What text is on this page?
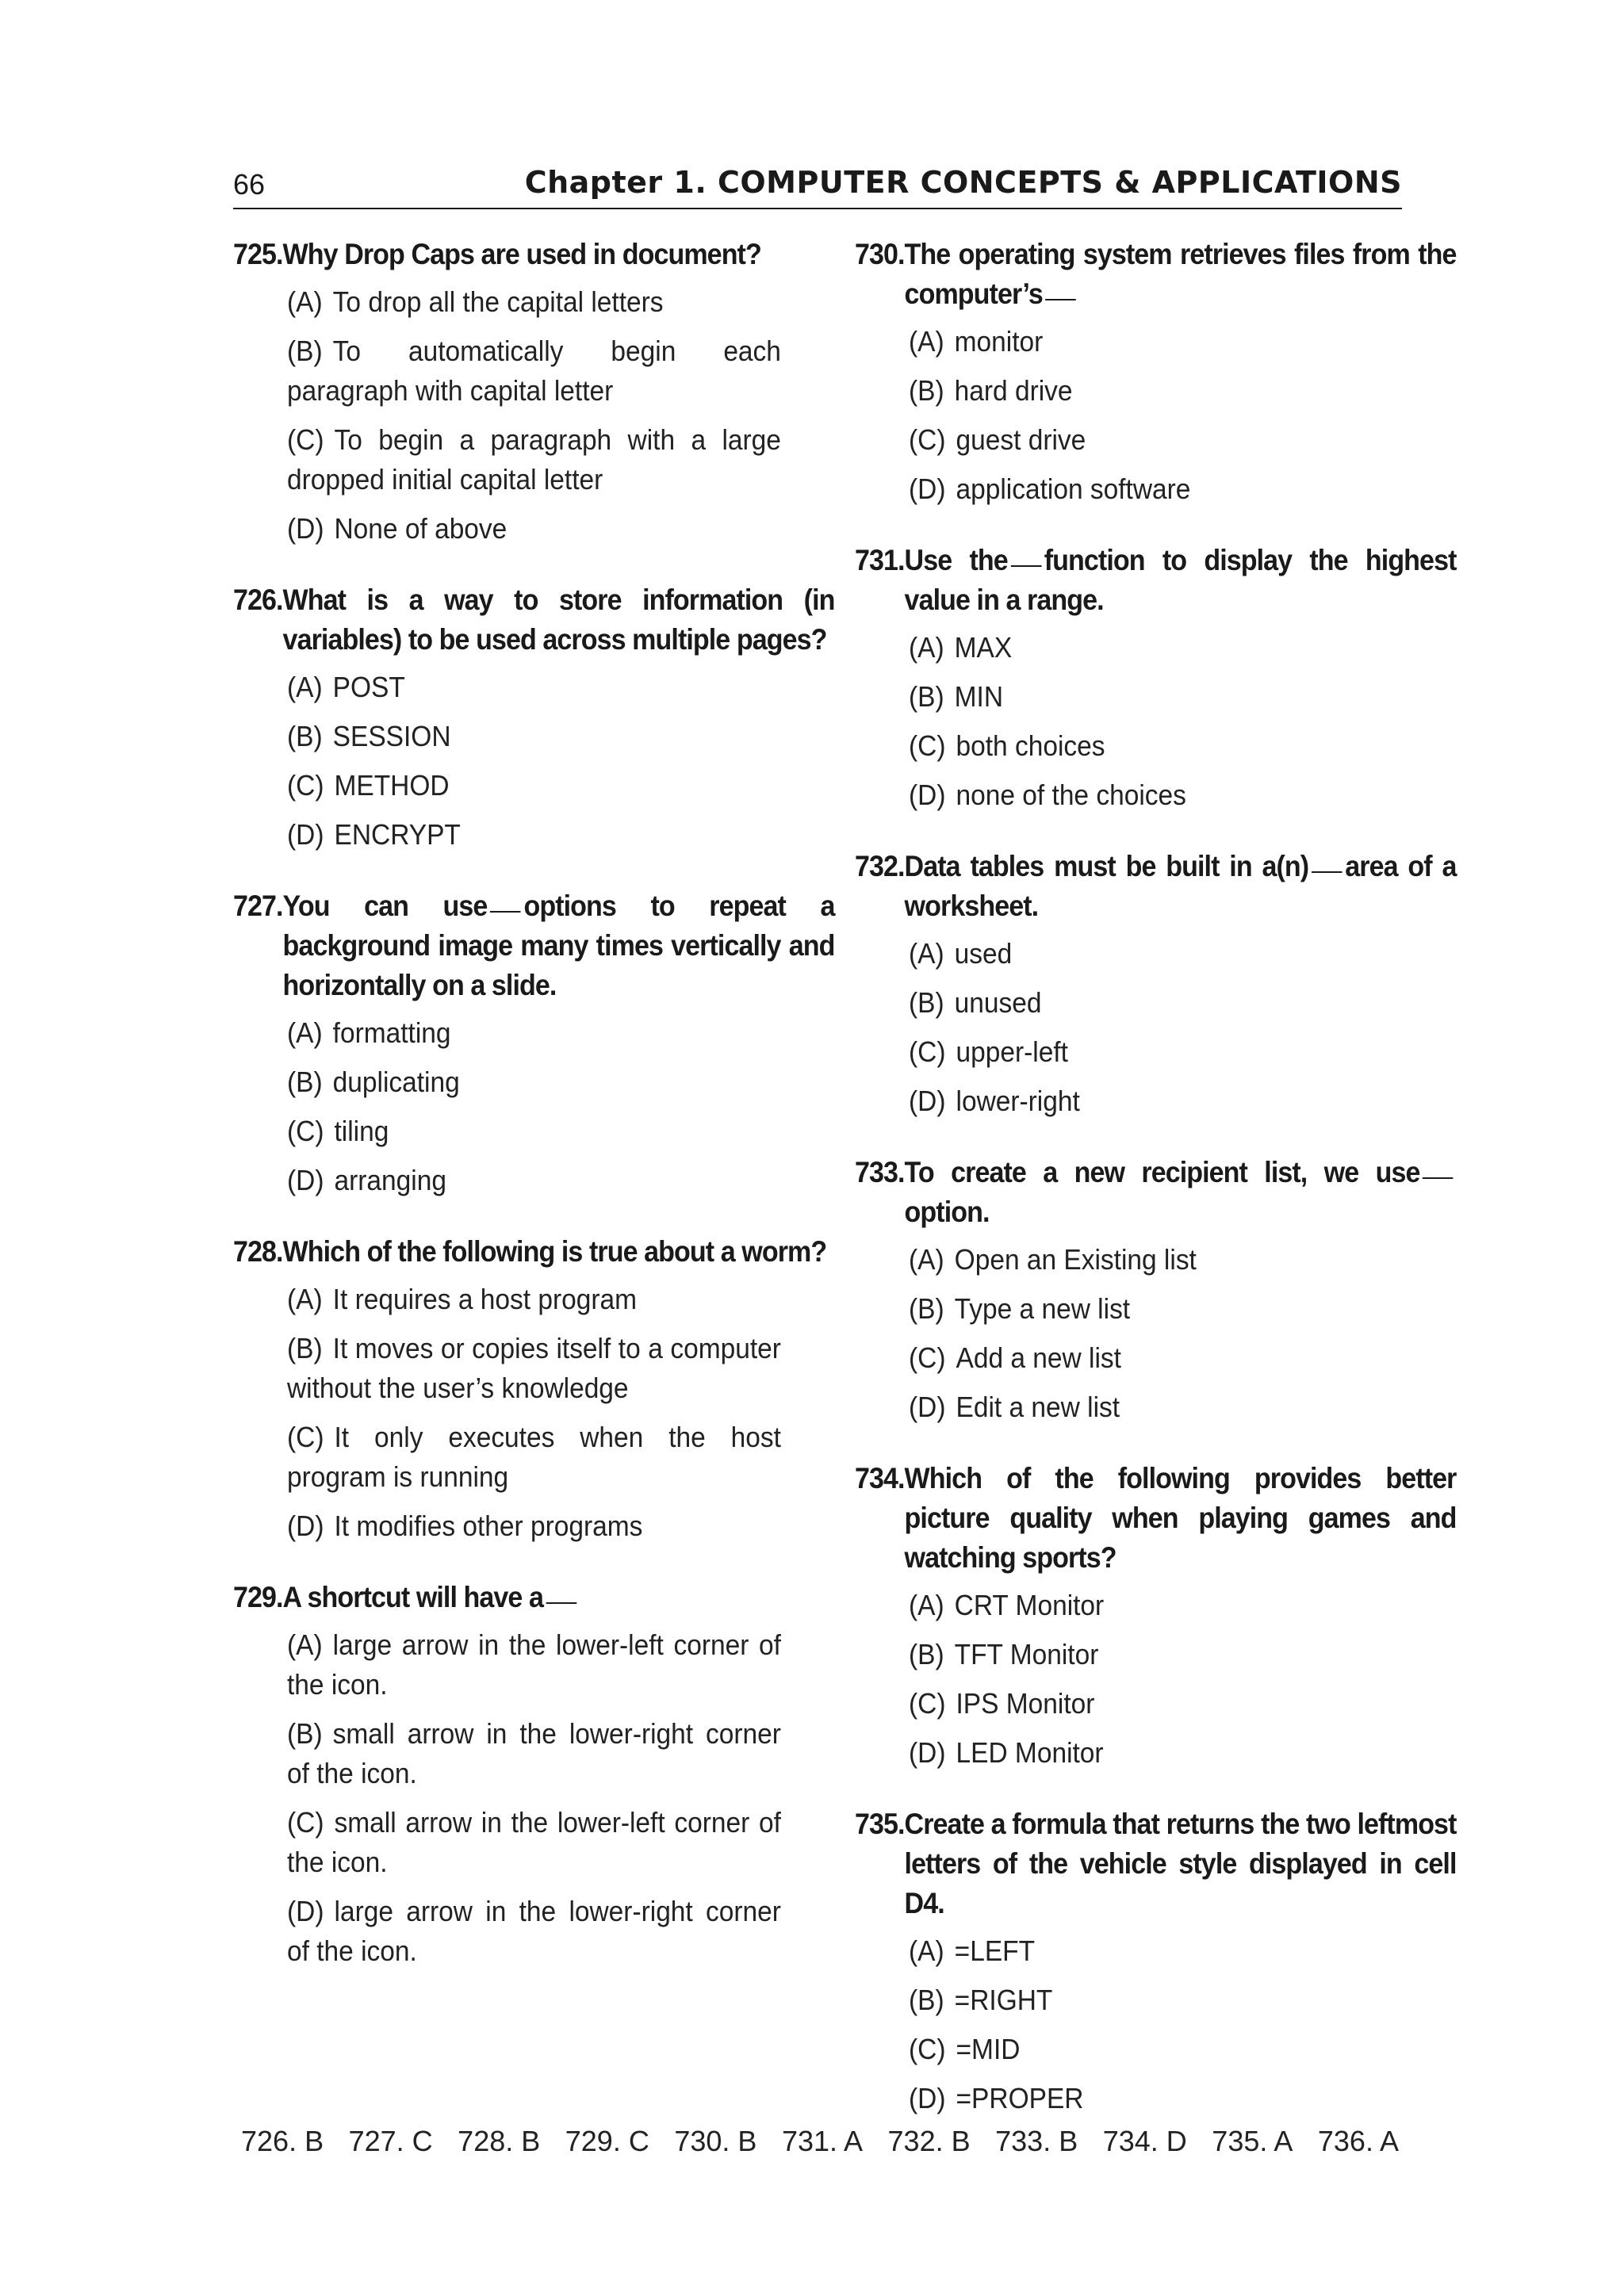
66	Chapter 1. COMPUTER CONCEPTS & APPLICATIONS
725.Why Drop Caps are used in document?
(A) To drop all the capital letters
(B) To automatically begin each paragraph with capital letter
(C) To begin a paragraph with a large dropped initial capital letter
(D) None of above
726.What is a way to store information (in variables) to be used across multiple pages?
(A) POST
(B) SESSION
(C) METHOD
(D) ENCRYPT
727.You can use options to repeat a background image many times vertically and horizontally on a slide.
(A) formatting
(B) duplicating
(C) tiling
(D) arranging
728.Which of the following is true about a worm?
(A) It requires a host program
(B) It moves or copies itself to a computer without the user’s knowledge
(C) It only executes when the host program is running
(D) It modifies other programs
729.A shortcut will have a
(A) large arrow in the lower-left corner of the icon.
(B) small arrow in the lower-right corner of the icon.
(C) small arrow in the lower-left corner of the icon.
(D) large arrow in the lower-right corner of the icon.
730.The operating system retrieves files from the computer’s
(A) monitor
(B) hard drive
(C) guest drive
(D) application software
731.Use the function to display the highest value in a range.
(A) MAX
(B) MIN
(C) both choices
(D) none of the choices
732.Data tables must be built in a(n) area of a worksheet.
(A) used
(B) unused
(C) upper-left
(D) lower-right
733.To create a new recipient list, we useoption.
(A) Open an Existing list
(B) Type a new list
(C) Add a new list
(D) Edit a new list
734.Which of the following provides better picture quality when playing games and watching sports?
(A) CRT Monitor
(B) TFT Monitor
(C) IPS Monitor
(D) LED Monitor
735.Create a formula that returns the two leftmost letters of the vehicle style displayed in cell D4.
(A) =LEFT
(B) =RIGHT
(C) =MID
(D) =PROPER
726. B 727. C 728. B 729. C 730. B 731. A 732. B 733. B 734. D 735. A 736. A
